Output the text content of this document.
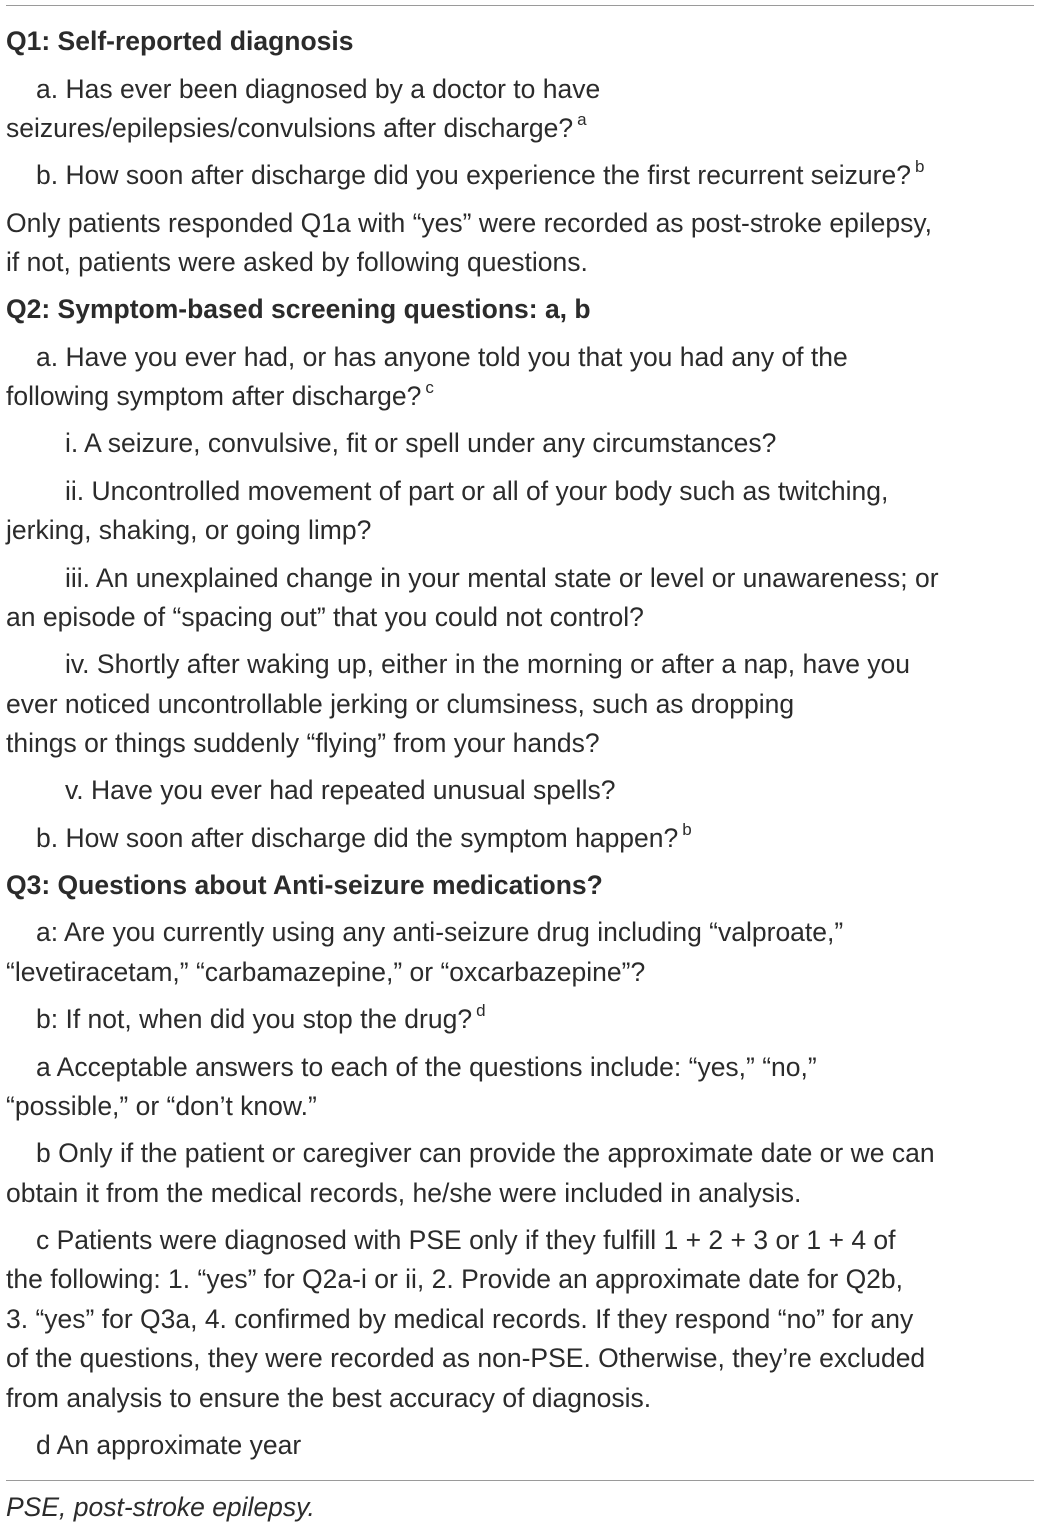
Q1: Self-reported diagnosis

a. Has ever been diagnosed by a doctor to have

seizures/epilepsies/convulsions after discharge? $^a$

b. How soon after discharge did you experience the first recurrent seizure? $^b$

Only patients responded Q1a with “yes” were recorded as post-stroke epilepsy,

if not, patients were asked by following questions.

Q2: Symptom-based screening questions: a, b

a. Have you ever had, or has anyone told you that you had any of the

following symptom after discharge? $^c$

i. A seizure, convulsive, fit or spell under any circumstances?

ii. Uncontrolled movement of part or all of your body such as twitching,

jerking, shaking, or going limp?

iii. An unexplained change in your mental state or level or unawareness; or

an episode of “spacing out” that you could not control?

iv. Shortly after waking up, either in the morning or after a nap, have you

ever noticed uncontrollable jerking or clumsiness, such as dropping

things or things suddenly “flying” from your hands?

v. Have you ever had repeated unusual spells?

b. How soon after discharge did the symptom happen? $^b$

Q3: Questions about Anti-seizure medications?

a: Are you currently using any anti-seizure drug including “valproate,”

“levetiracetam,” “carbamazepine,” or “oxcarbazepine”?

b: If not, when did you stop the drug? $^d$

a Acceptable answers to each of the questions include: “yes,” “no,”

“possible,” or “don’t know.”

b Only if the patient or caregiver can provide the approximate date or we can

obtain it from the medical records, he/she were included in analysis.

c Patients were diagnosed with PSE only if they fulfill 1 + 2 + 3 or 1 + 4 of

the following: 1. “yes” for Q2a-i or ii, 2. Provide an approximate date for Q2b,

3. “yes” for Q3a, 4. confirmed by medical records. If they respond “no” for any

of the questions, they were recorded as non-PSE. Otherwise, they’re excluded

from analysis to ensure the best accuracy of diagnosis.

d An approximate year

PSE, post-stroke epilepsy.
